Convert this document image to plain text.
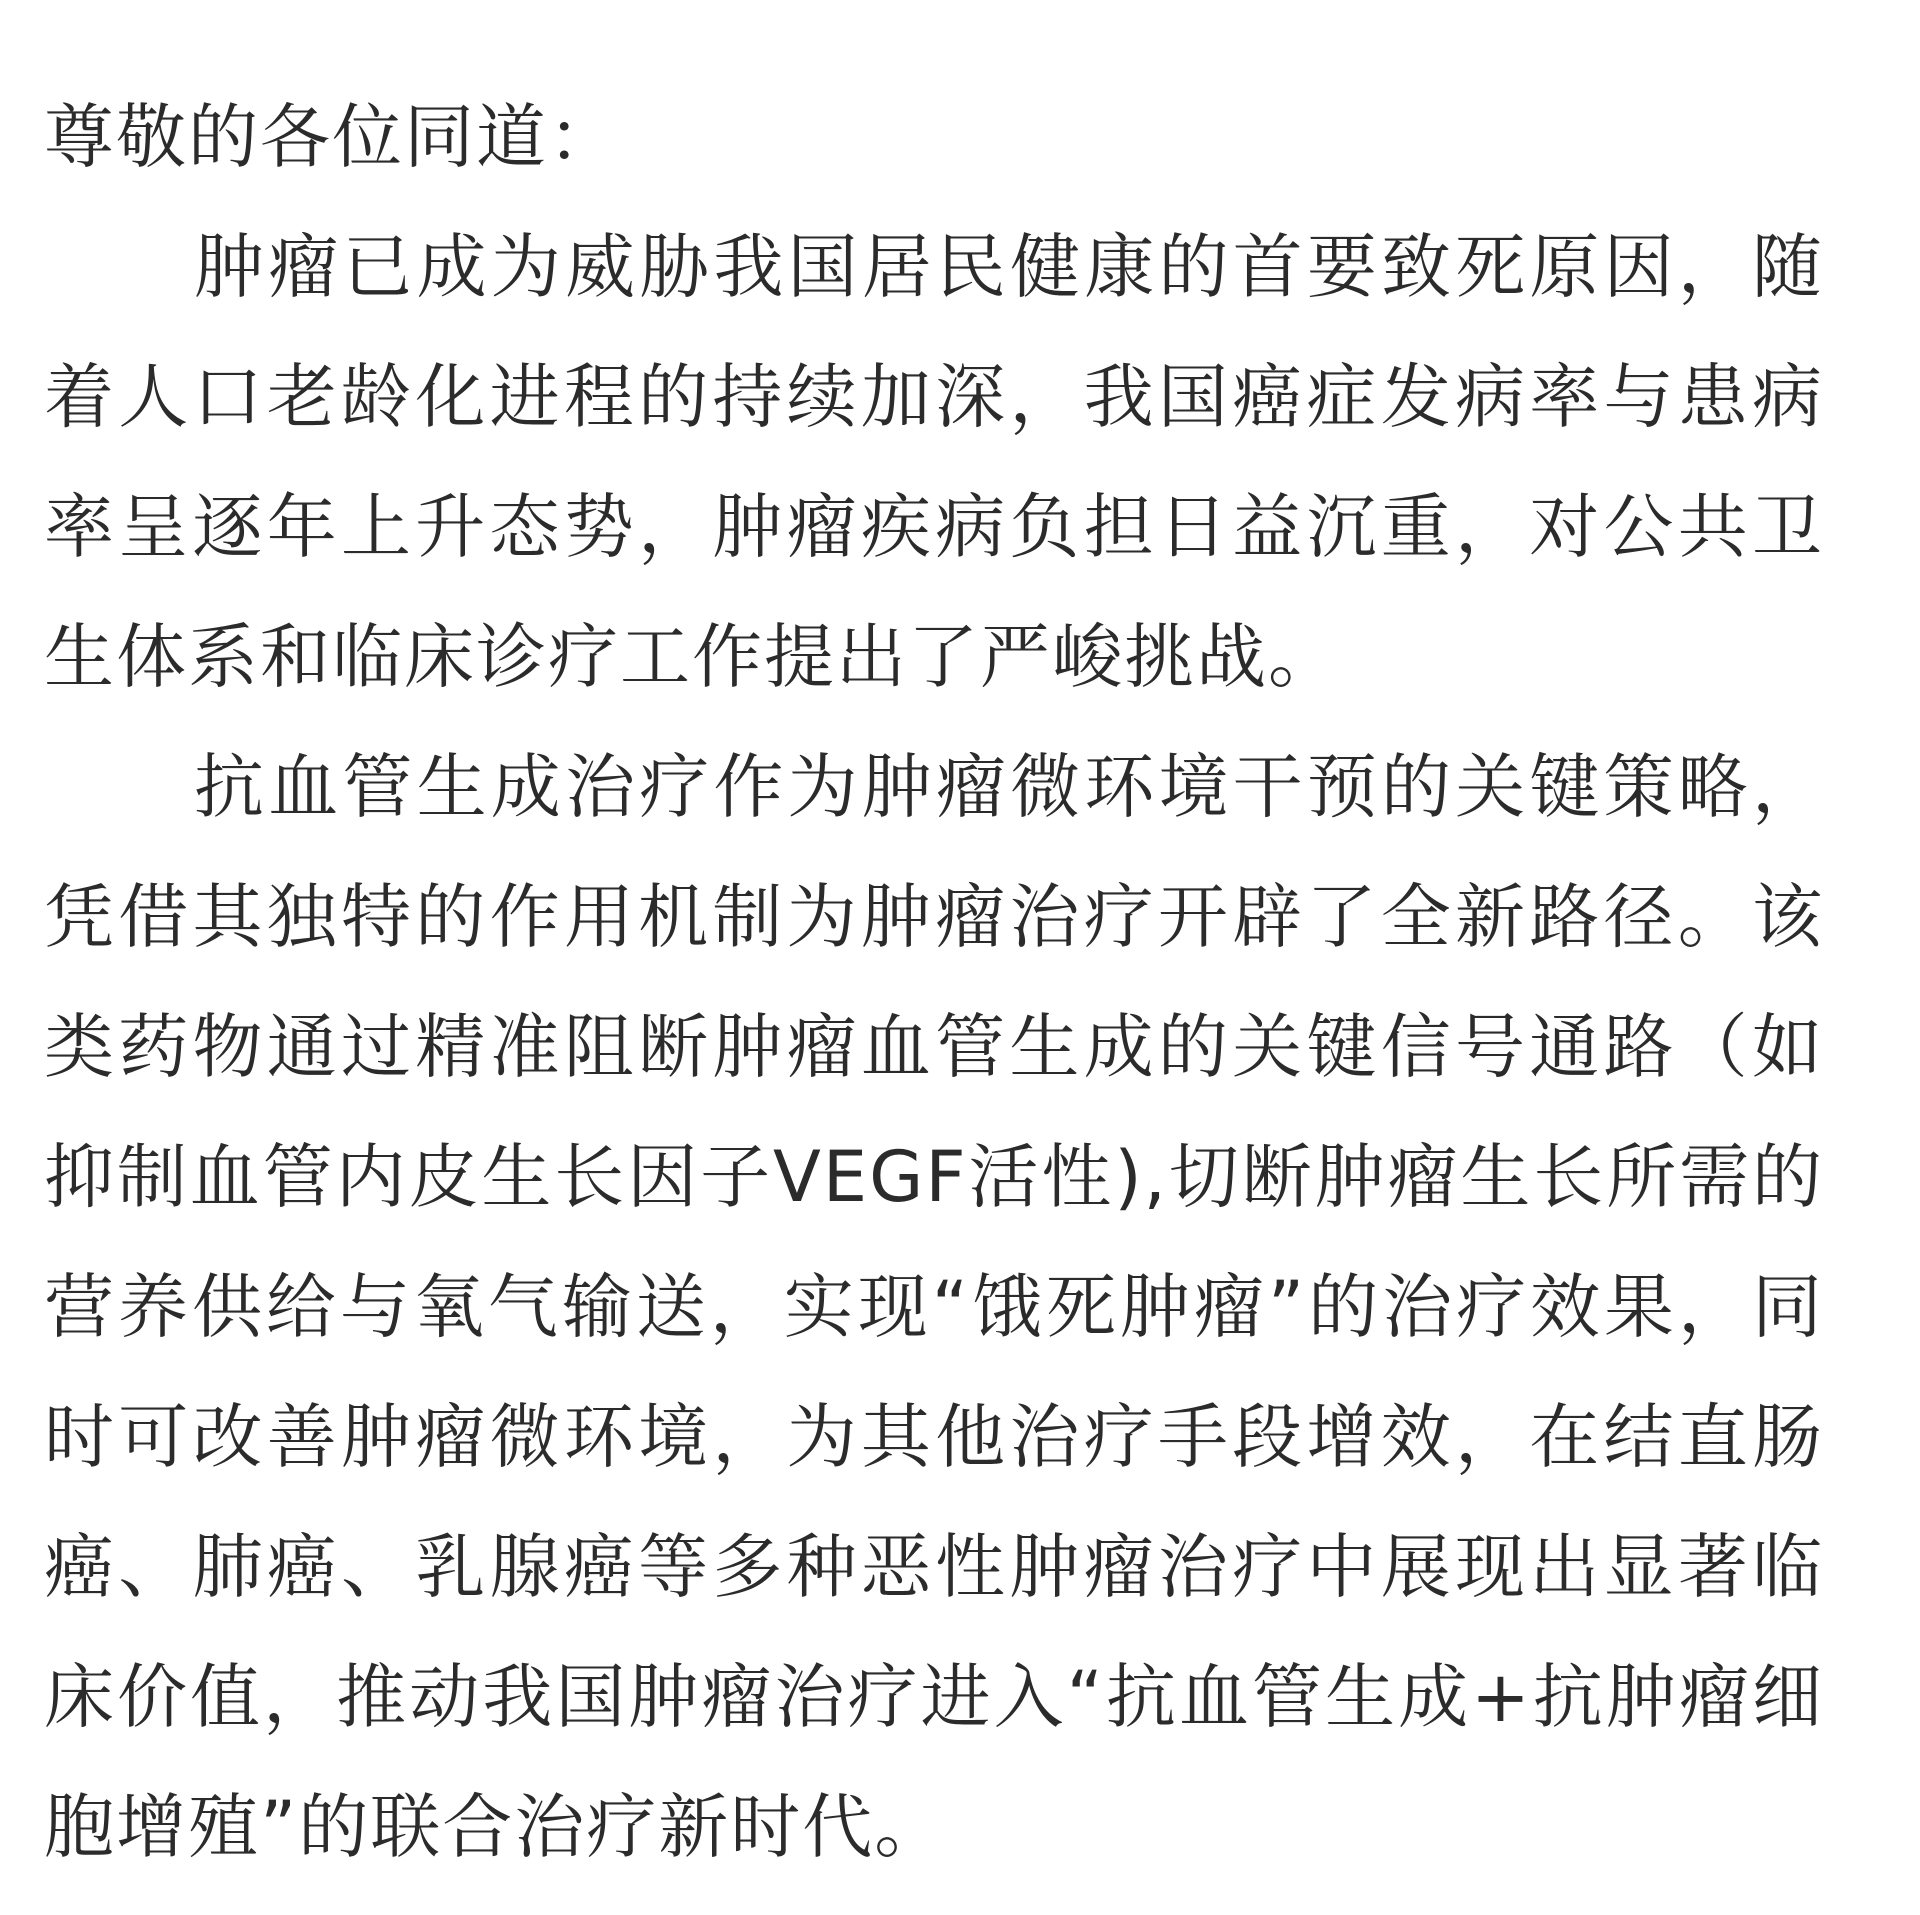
尊敬的各位同道：

肿瘤已成为威胁我国居民健康的首要致死原因，随着人口老龄化进程的持续加深，我国癌症发病率与患病率呈逐年上升态势，肿瘤疾病负担日益沉重，对公共卫生体系和临床诊疗工作提出了严峻挑战。

抗血管生成治疗作为肿瘤微环境干预的关键策略，凭借其独特的作用机制为肿瘤治疗开辟了全新路径。该类药物通过精准阻断肿瘤血管生成的关键信号通路（如抑制血管内皮生长因子VEGF活性),切断肿瘤生长所需的营养供给与氧气输送，实现“饿死肿瘤”的治疗效果，同时可改善肿瘤微环境，为其他治疗手段增效，在结直肠癌、肺癌、乳腺癌等多种恶性肿瘤治疗中展现出显著临床价值，推动我国肿瘤治疗进入“抗血管生成+抗肿瘤细胞增殖”的联合治疗新时代。
